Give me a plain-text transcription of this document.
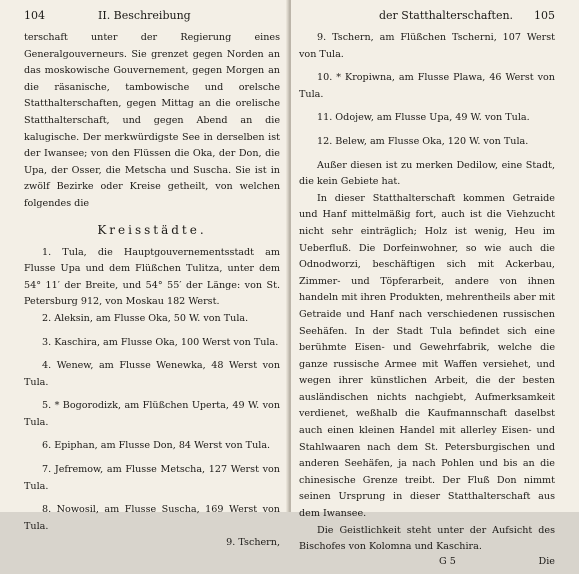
104	II. Beschreibung

terschaft unter der Regierung eines Generalgouverneurs. Sie grenzet gegen Norden an das moskowische Gouvernement, gegen Morgen an die räsanische, tambowische und orelsche Statthalterschaften, gegen Mittag an die orelische Statthalterschaft, und gegen Abend an die kalugische. Der merkwürdigste See in derselben ist der Iwansee; von den Flüssen die Oka, der Don, die Upa, der Osser, die Metscha und Suscha. Sie ist in zwölf Bezirke oder Kreise getheilt, von welchen folgendes die

Kreisstädte.

1. Tula, die Hauptgouvernementsstadt am Flusse Upa und dem Flüßchen Tulitza, unter dem 54° 11′ der Breite, und 54° 55′ der Länge: von St. Petersburg 912, von Moskau 182 Werst.

2. Aleksin, am Flusse Oka, 50 W. von Tula.

3. Kaschira, am Flusse Oka, 100 Werst von Tula.

4. Wenew, am Flusse Wenewka, 48 Werst von Tula.

5. * Bogorodizk, am Flüßchen Uperta, 49 W. von Tula.

6. Epiphan, am Flusse Don, 84 Werst von Tula.

7. Jefremow, am Flusse Metscha, 127 Werst von Tula.

8. Nowosil, am Flusse Suscha, 169 Werst von Tula.

9. Tschern,
der Statthalterschaften. 105

9. Tschern, am Flüßchen Tscherni, 107 Werst von Tula.

10. * Kropiwna, am Flusse Plawa, 46 Werst von Tula.

11. Odojew, am Flusse Upa, 49 W. von Tula.

12. Belew, am Flusse Oka, 120 W. von Tula.

Außer diesen ist zu merken Dedilow, eine Stadt, die kein Gebiete hat.

In dieser Statthalterschaft kommen Getraide und Hanf mittelmäßig fort, auch ist die Viehzucht nicht sehr einträglich; Holz ist wenig, Heu im Ueberfluß. Die Dorfeinwohner, so wie auch die Odnodworzi, beschäftigen sich mit Ackerbau, Zimmer- und Töpferarbeit, andere von ihnen handeln mit ihren Produkten, mehrentheils aber mit Getraide und Hanf nach verschiedenen russischen Seehäfen. In der Stadt Tula befindet sich eine berühmte Eisen- und Gewehrfabrik, welche die ganze russische Armee mit Waffen versiehet, und wegen ihrer künstlichen Arbeit, die der besten ausländischen nichts nachgiebt, Aufmerksamkeit verdienet, weßhalb die Kaufmannschaft daselbst auch einen kleinen Handel mit allerley Eisen- und Stahlwaaren nach dem St. Petersburgischen und anderen Seehäfen, ja nach Pohlen und bis an die chinesische Grenze treibt. Der Fluß Don nimmt seinen Ursprung in dieser Statthalterschaft aus dem Iwansee.

Die Geistlichkeit steht unter der Aufsicht des Bischofes von Kolomna und Kaschira.

G 5	Die
